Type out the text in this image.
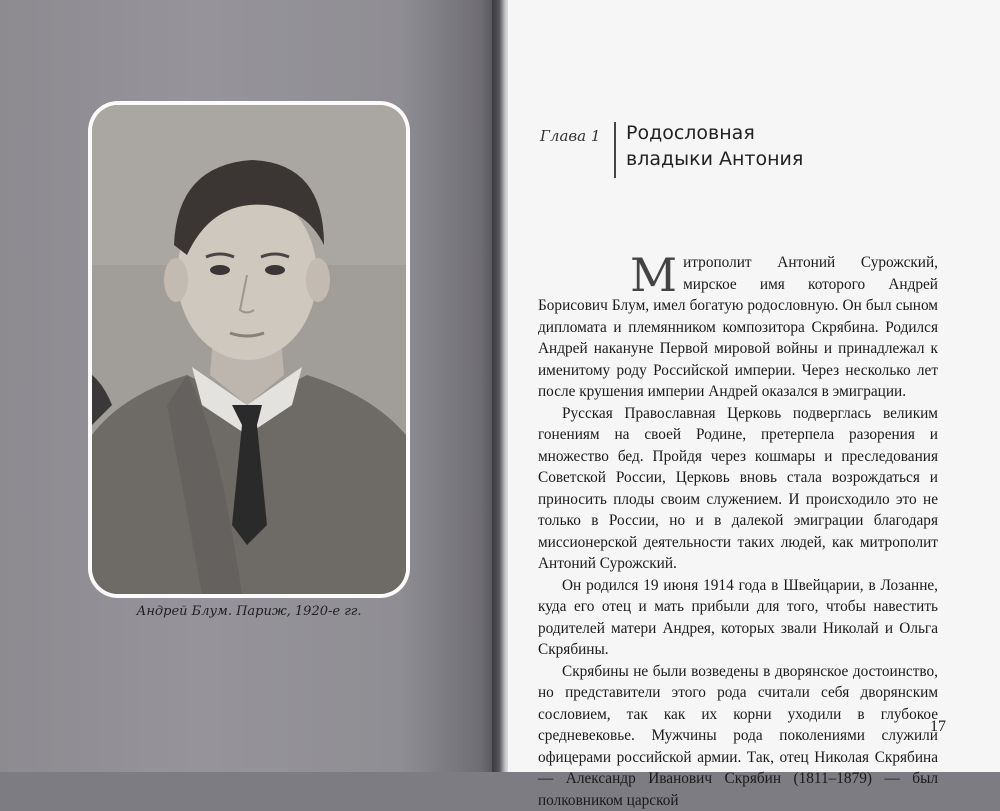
Андрей Блум. Париж, 1920-е гг.
Глава 1 Родословная
владыки Антония

Митрополит Антоний Сурожский, мирское имя которого Андрей Борисович Блум, имел богатую родословную. Он был сыном дипломата и племянником композитора Скрябина. Родился Андрей накануне Первой мировой войны и принадлежал к именитому роду Российской империи. Через несколько лет после крушения империи Андрей оказался в эмиграции.

Русская Православная Церковь подверглась великим гонениям на своей Родине, претерпела разорения и множество бед. Пройдя через кошмары и преследования Советской России, Церковь вновь стала возрождаться и приносить плоды своим служением. И происходило это не только в России, но и в далекой эмиграции благодаря миссионерской деятельности таких людей, как митрополит Антоний Сурожский.

Он родился 19 июня 1914 года в Швейцарии, в Лозанне, куда его отец и мать прибыли для того, чтобы навестить родителей матери Андрея, которых звали Николай и Ольга Скрябины.

Скрябины не были возведены в дворянское достоинство, но представители этого рода считали себя дворянским сословием, так как их корни уходили в глубокое средневековье. Мужчины рода поколениями служили офицерами российской армии. Так, отец Николая Скрябина — Александр Иванович Скрябин (1811–1879) — был полковником царской

17
